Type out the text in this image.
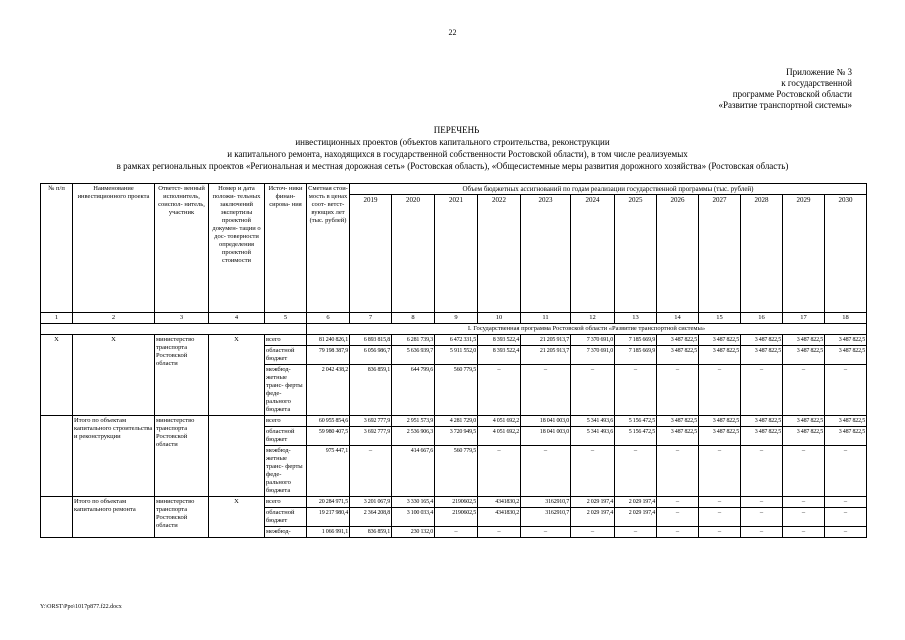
22
Приложение № 3
к государственной
программе Ростовской области
«Развитие транспортной системы»
ПЕРЕЧЕНЬ
инвестиционных проектов (объектов капитального строительства, реконструкции
и капитального ремонта, находящихся в государственной собственности Ростовской области), в том числе реализуемых
в рамках региональных проектов «Региональная и местная дорожная сеть» (Ростовская область), «Общесистемные меры развития дорожного хозяйства» (Ростовская область)
№ п/п	Наименование инвестиционного проекта	Ответст- венный исполнитель, соиспол- нитель, участник	Номер и дата положи- тельных заключений экспертизы проектной докумен- тации о дос- товерности определения проектной стоимости	Источ- ники финан- сирова- ния	Сметная стои- мость в ценах соот- ветст- вующих лет (тыс. рублей)	Объем бюджетных ассигнований по годам реализации государственной программы (тыс. рублей)											
						2019	2020	2021	2022	2023	2024	2025	2026	2027	2028	2029	2030
1	2	3	4	5	6	7	8	9	10	11	12	13	14	15	16	17	18
					I. Государственная программа Ростовской области «Развитие транспортной системы»												
Х	Х	министерство транспорта Ростовской области	Х	всего	81 240 826,1	6 893 815,8	6 281 739,3	6 472 331,5	8 393 522,4	21 205 913,7	7 370 691,0	7 185 669,9	3 487 822,5	3 487 822,5	3 487 822,5	3 487 822,5	3 487 822,5
				областной бюджет	79 198 387,9	6 056 986,7	5 636 939,7	5 911 552,0	8 393 522,4	21 205 913,7	7 370 691,0	7 185 669,9	3 487 822,5	3 487 822,5	3 487 822,5	3 487 822,5	3 487 822,5
				межбюд- жетные транс- ферты феде- рального бюджета	2 042 438,2	836 859,1	644 799,6	560 779,5	–	–	–	–	–	–	–	–	–
	Итого по объектам капитального строительства и реконструкции	министерство транспорта Ростовской области		всего	60 955 854,6	3 692 777,9	2 951 573,9	4 281 729,0	4 051 692,2	18 041 003,0	5 341 493,6	5 156 472,5	3 487 822,5	3 487 822,5	3 487 822,5	3 487 822,5	3 487 822,5
				областной бюджет	59 980 407,5	3 692 777,9	2 536 906,3	3 720 949,5	4 051 692,2	18 041 003,0	5 341 493,6	5 156 472,5	3 487 822,5	3 487 822,5	3 487 822,5	3 487 822,5	3 487 822,5
				межбюд- жетные транс- ферты феде- рального бюджета	975 447,1	–	414 667,6	560 779,5	–	–	–	–	–	–	–	–	–
	Итого по объектам капитального ремонта	министерство транспорта Ростовской области	Х	всего	20 284 971,5	3 201 067,9	3 330 165,4	2190602,5	4341830,2	3162910,7	2 029 197,4	2 029 197,4	–	–	–	–	–
				областной бюджет	19 217 980,4	2 364 208,8	3 100 033,4	2190602,5	4341830,2	3162910,7	2 029 197,4	2 029 197,4	–	–	–	–	–
				межбюд-	1 066 991,1	836 859,1	230 132,0	–	–	–	–	–	–	–	–	–	–
Y:\ORST\Ppo\1017p877.f22.docx
